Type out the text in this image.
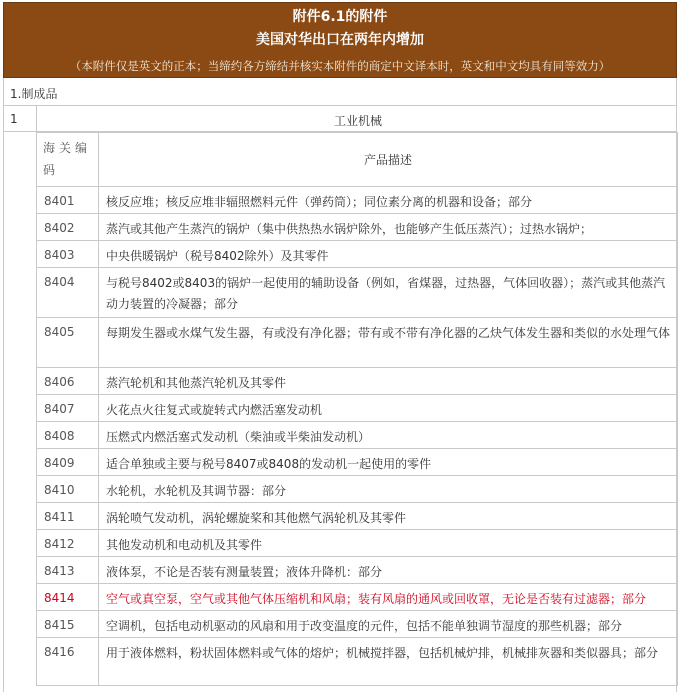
附件6.1的附件
美国对华出口在两年内增加
（本附件仅是英文的正本；当缔约各方缔结并核实本附件的商定中文译本时，英文和中文均具有同等效力）
1.制成品
1	工业机械
海关编码	产品描述
8401	核反应堆；核反应堆非辐照燃料元件（弹药筒）；同位素分离的机器和设备；部分
8402	蒸汽或其他产生蒸汽的锅炉（集中供热热水锅炉除外，也能够产生低压蒸汽）；过热水锅炉；
8403	中央供暖锅炉（税号8402除外）及其零件
8404	与税号8402或8403的锅炉一起使用的辅助设备（例如，省煤器，过热器，气体回收器）；蒸汽或其他蒸汽动力装置的冷凝器；部分
8405	每期发生器或水煤气发生器，有或没有净化器；带有或不带有净化器的乙炔气体发生器和类似的水处理气体
8406	蒸汽轮机和其他蒸汽轮机及其零件
8407	火花点火往复式或旋转式内燃活塞发动机
8408	压燃式内燃活塞式发动机（柴油或半柴油发动机）
8409	适合单独或主要与税号8407或8408的发动机一起使用的零件
8410	水轮机，水轮机及其调节器：部分
8411	涡轮喷气发动机，涡轮螺旋桨和其他燃气涡轮机及其零件
8412	其他发动机和电动机及其零件
8413	液体泵，不论是否装有测量装置；液体升降机：部分
8414	空气或真空泵，空气或其他气体压缩机和风扇；装有风扇的通风或回收罩，无论是否装有过滤器；部分
8415	空调机，包括电动机驱动的风扇和用于改变温度的元件，包括不能单独调节湿度的那些机器；部分
8416	用于液体燃料，粉状固体燃料或气体的熔炉；机械搅拌器，包括机械炉排，机械排灰器和类似器具；部分
